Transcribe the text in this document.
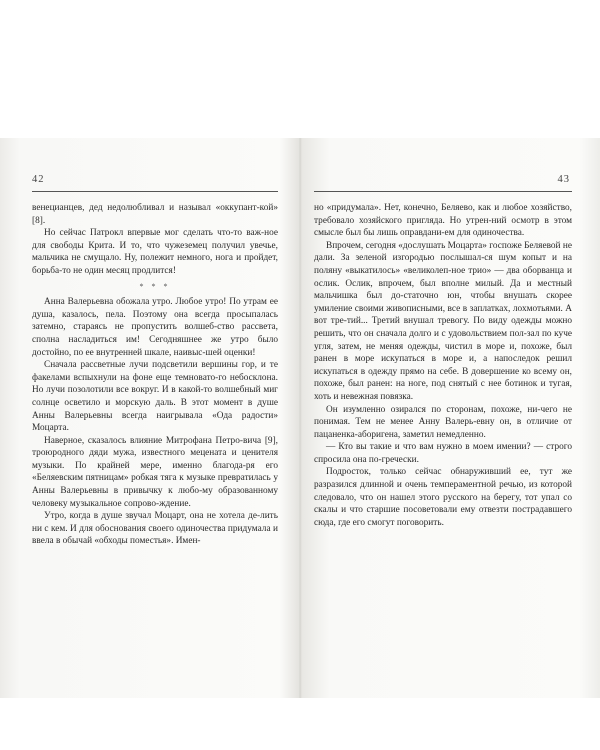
42

венецианцев, дед недолюбливал и называл «оккупант-кой» [8].

Но сейчас Патрокл впервые мог сделать что-то важ-ное для свободы Крита. И то, что чужеземец получил увечье, мальчика не смущало. Ну, полежит немного, нога и пройдет, борьба-то не один месяц продлится!

* * *

Анна Валерьевна обожала утро. Любое утро! По утрам ее душа, казалось, пела. Поэтому она всегда просыпалась затемно, стараясь не пропустить волшеб-ство рассвета, сполна насладиться им! Сегодняшнее же утро было достойно, по ее внутренней шкале, наивыс-шей оценки!

Сначала рассветные лучи подсветили вершины гор, и те факелами вспыхнули на фоне еще темновато-го небосклона. Но лучи позолотили все вокруг. И в какой-то волшебный миг солнце осветило и морскую даль. В этот момент в душе Анны Валерьевны всегда наигрывала «Ода радости» Моцарта.

Наверное, сказалось влияние Митрофана Петро-вича [9], троюродного дяди мужа, известного мецената и ценителя музыки. По крайней мере, именно благода-ря его «Беляевским пятницам» робкая тяга к музыке превратилась у Анны Валерьевны в привычку к любо-му образованному человеку музыкальное сопрово-ждение.

Утро, когда в душе звучал Моцарт, она не хотела де-лить ни с кем. И для обоснования своего одиночества придумала и ввела в обычай «обходы поместья». Имен-

43

но «придумала». Нет, конечно, Беляево, как и любое хозяйство, требовало хозяйского пригляда. Но утрен-ний осмотр в этом смысле был бы лишь оправдани-ем для одиночества.

Впрочем, сегодня «дослушать Моцарта» госпоже Беляевой не дали. За зеленой изгородью послышал-ся шум копыт и на поляну «выкатилось» «великолеп-ное трио» — два оборванца и ослик. Ослик, впрочем, был вполне милый. Да и местный мальчишка был до-статочно юн, чтобы внушать скорее умиление своими живописными, все в заплатках, лохмотьями. А вот тре-тий... Третий внушал тревогу. По виду одежды можно решить, что он сначала долго и с удовольствием пол-зал по куче угля, затем, не меняя одежды, чистил в море и, похоже, был ранен в море искупаться в море и, а напоследок решил искупаться в одежду прямо на себе. В довершение ко всему он, похоже, был ранен: на ноге, под снятый с нее ботинок и тугая, хоть и невежная повязка.

Он изумленно озирался по сторонам, похоже, ни-чего не понимая. Тем не менее Анну Валерь-евну он, в отличие от пацаненка-аборигена, заметил немедленно.

— Кто вы такие и что вам нужно в моем имении? — строго спросила она по-гречески.

Подросток, только сейчас обнаруживший ее, тут же разразился длинной и очень темпераментной речью, из которой следовало, что он нашел этого русского на берегу, тот упал со скалы и что старшие посоветовали ему отвезти пострадавшего сюда, где его смогут поговорить.
